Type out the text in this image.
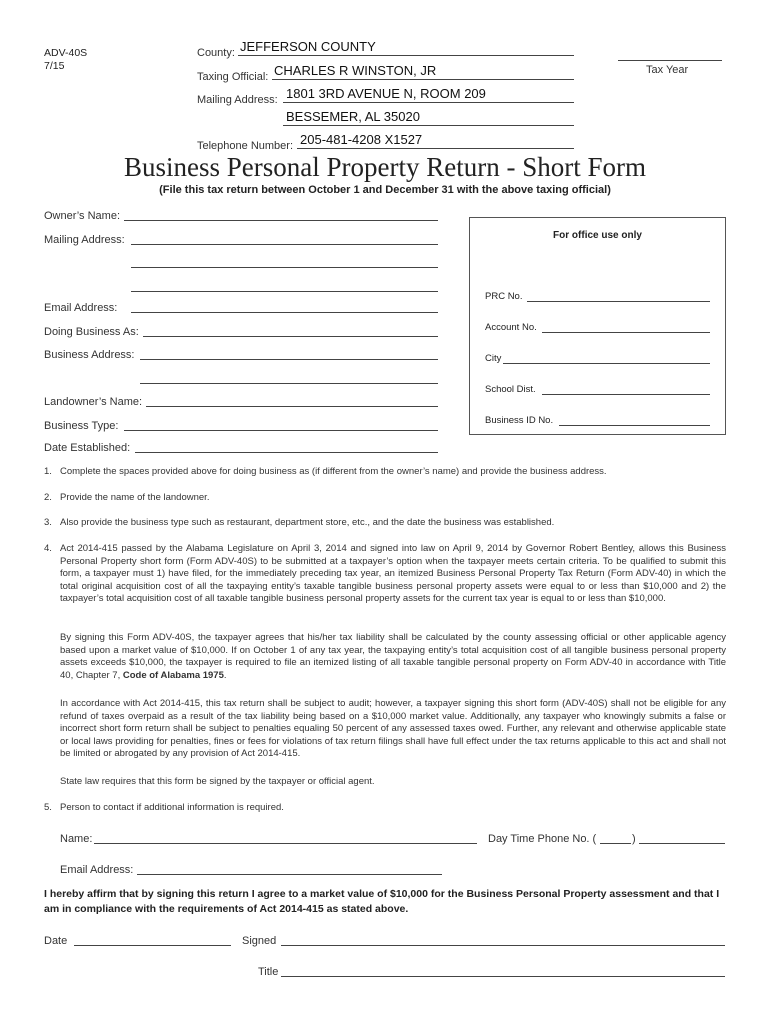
ADV-40S
7/15
County: JEFFERSON COUNTY
Taxing Official: CHARLES R WINSTON, JR
Mailing Address: 1801 3RD AVENUE N, ROOM 209
BESSEMER, AL 35020
Telephone Number: 205-481-4208 X1527
Tax Year
Business Personal Property Return - Short Form
(File this tax return between October 1 and December 31 with the above taxing official)
Owner’s Name:
Mailing Address:
Email Address:
Doing Business As:
Business Address:
Landowner’s Name:
Business Type:
Date Established:
For office use only
PRC No.
Account No.
City
School Dist.
Business ID No.
1. Complete the spaces provided above for doing business as (if different from the owner’s name) and provide the business address.
2. Provide the name of the landowner.
3. Also provide the business type such as restaurant, department store, etc., and the date the business was established.
4. Act 2014-415 passed by the Alabama Legislature on April 3, 2014 and signed into law on April 9, 2014 by Governor Robert Bentley, allows this Business Personal Property short form (Form ADV-40S) to be submitted at a taxpayer’s option when the taxpayer meets certain criteria. To be qualified to submit this form, a taxpayer must 1) have filed, for the immediately preceding tax year, an itemized Business Personal Property Tax Return (Form ADV-40) in which the total original acquisition cost of all the taxpaying entity’s taxable tangible business personal property assets were equal to or less than $10,000 and 2) the taxpayer’s total acquisition cost of all taxable tangible business personal property assets for the current tax year is equal to or less than $10,000.
By signing this Form ADV-40S, the taxpayer agrees that his/her tax liability shall be calculated by the county assessing official or other applicable agency based upon a market value of $10,000. If on October 1 of any tax year, the taxpaying entity’s total acquisition cost of all tangible business personal property assets exceeds $10,000, the taxpayer is required to file an itemized listing of all taxable tangible personal property on Form ADV-40 in accordance with Title 40, Chapter 7, Code of Alabama 1975.
In accordance with Act 2014-415, this tax return shall be subject to audit; however, a taxpayer signing this short form (ADV-40S) shall not be eligible for any refund of taxes overpaid as a result of the tax liability being based on a $10,000 market value. Additionally, any taxpayer who knowingly submits a false or incorrect short form return shall be subject to penalties equaling 50 percent of any assessed taxes owed. Further, any relevant and otherwise applicable state or local laws providing for penalties, fines or fees for violations of tax return filings shall have full effect under the tax returns applicable to this act and shall not be limited or abrogated by any provision of Act 2014-415.
State law requires that this form be signed by the taxpayer or official agent.
5. Person to contact if additional information is required.
Name:	Day Time Phone No. (	)
Email Address:
I hereby affirm that by signing this return I agree to a market value of $10,000 for the Business Personal Property assessment and that I am in compliance with the requirements of Act 2014-415 as stated above.
Date	Signed
Title
